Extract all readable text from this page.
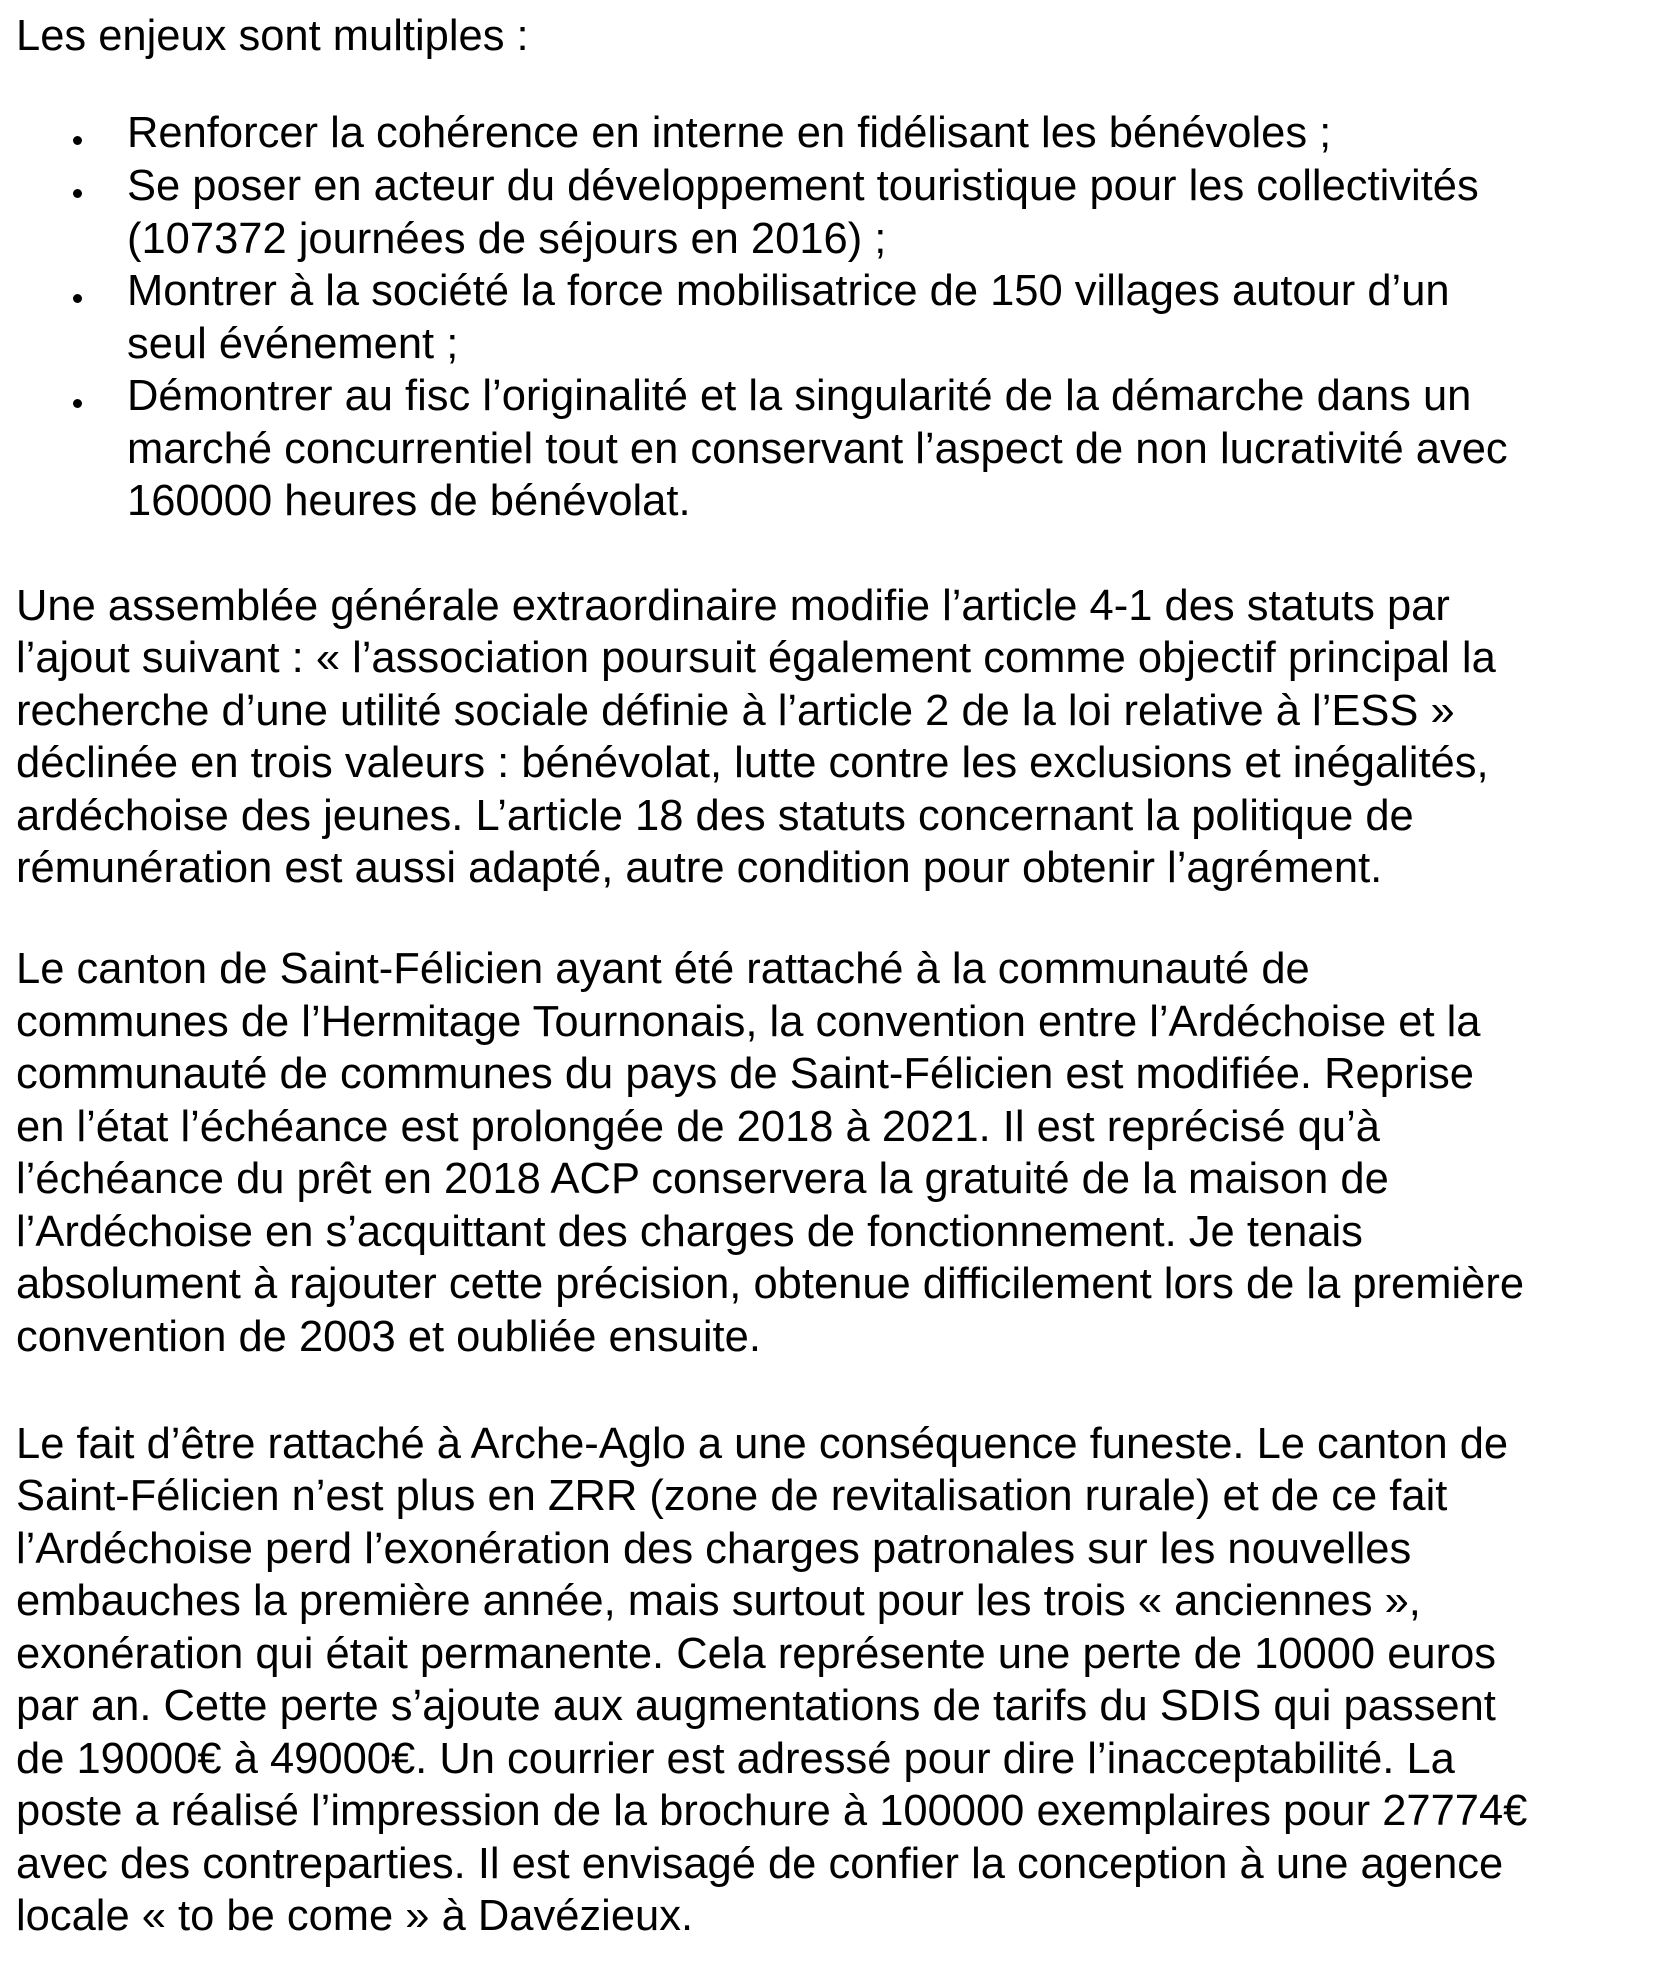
Les enjeux sont multiples :
Renforcer la cohérence en interne en fidélisant les bénévoles ;
Se poser en acteur du développement touristique pour les collectivités
(107372 journées de séjours en 2016) ;
Montrer à la société la force mobilisatrice de 150 villages autour d’un
seul événement ;
Démontrer au fisc l’originalité et la singularité de la démarche dans un
marché concurrentiel tout en conservant l’aspect de non lucrativité avec
160000 heures de bénévolat.
Une assemblée générale extraordinaire modifie l’article 4-1 des statuts par
l’ajout suivant : « l’association poursuit également comme objectif principal la
recherche d’une utilité sociale définie à l’article 2 de la loi relative à l’ESS »
déclinée en trois valeurs : bénévolat, lutte contre les exclusions et inégalités,
ardéchoise des jeunes. L’article 18 des statuts concernant la politique de
rémunération est aussi adapté, autre condition pour obtenir l’agrément.
Le canton de Saint-Félicien ayant été rattaché à la communauté de
communes de l’Hermitage Tournonais, la convention entre l’Ardéchoise et la
communauté de communes du pays de Saint-Félicien est modifiée. Reprise
en l’état l’échéance est prolongée de 2018 à 2021. Il est reprécisé qu’à
l’échéance du prêt en 2018 ACP conservera la gratuité de la maison de
l’Ardéchoise en s’acquittant des charges de fonctionnement. Je tenais
absolument à rajouter cette précision, obtenue difficilement lors de la première
convention de 2003 et oubliée ensuite.
Le fait d’être rattaché à Arche-Aglo a une conséquence funeste. Le canton de
Saint-Félicien n’est plus en ZRR (zone de revitalisation rurale) et de ce fait
l’Ardéchoise perd l’exonération des charges patronales sur les nouvelles
embauches la première année, mais surtout pour les trois « anciennes »,
exonération qui était permanente. Cela représente une perte de 10000 euros
par an. Cette perte s’ajoute aux augmentations de tarifs du SDIS qui passent
de 19000€ à 49000€. Un courrier est adressé pour dire l’inacceptabilité. La
poste a réalisé l’impression de la brochure à 100000 exemplaires pour 27774€
avec des contreparties. Il est envisagé de confier la conception à une agence
locale « to be come » à Davézieux.
